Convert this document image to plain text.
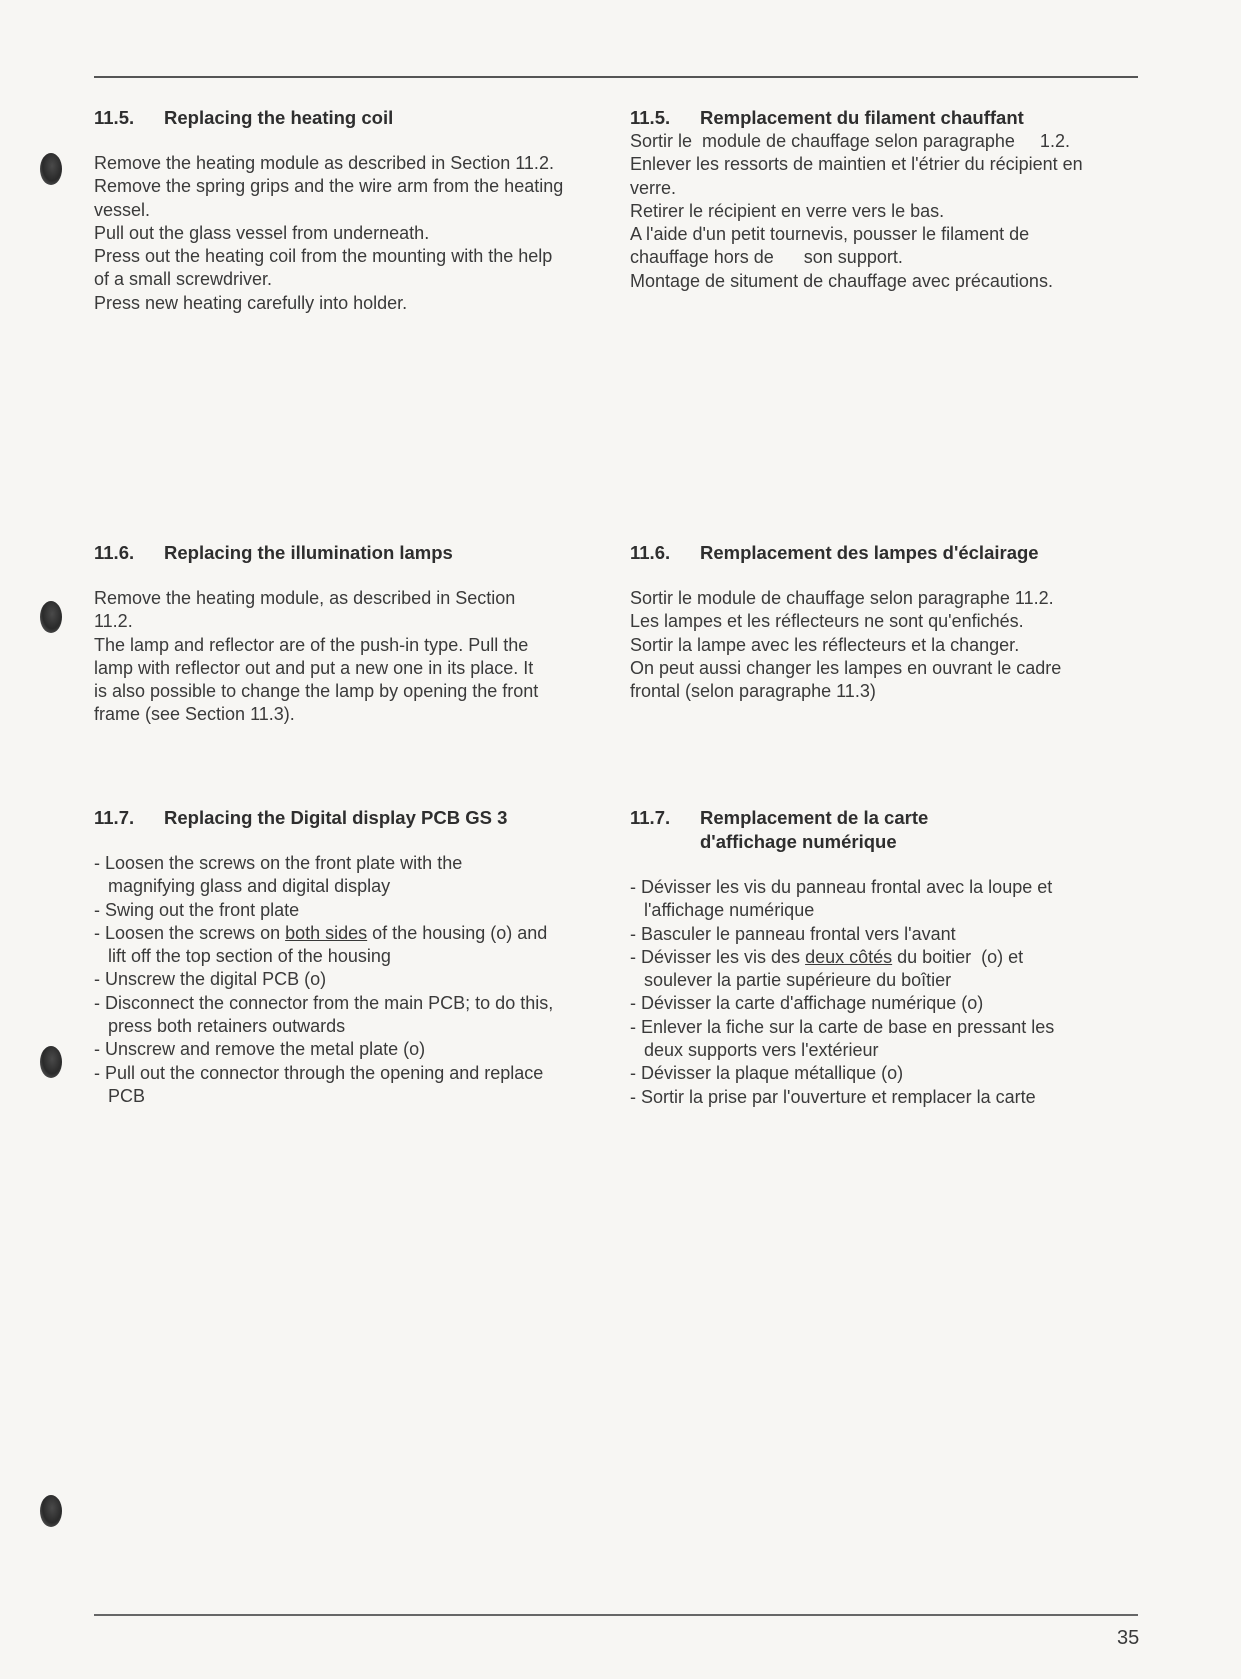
11.5.	Replacing the heating coil

Remove the heating module as described in Section 11.2.

Remove the spring grips and the wire arm from the heating vessel.

Pull out the glass vessel from underneath.

Press out the heating coil from the mounting with the help of a small screwdriver.

Press new heating carefully into holder.

11.5.	Remplacement du filament chauffant

Sortir le  module de chauffage selon paragraphe     1.2.

Enlever les ressorts de maintien et l'étrier du récipient en verre.

Retirer le récipient en verre vers le bas.

A l'aide d'un petit tournevis, pousser le filament de chauffage hors de      son support.

Montage de situment de chauffage avec précautions.

11.6.	Replacing the illumination lamps

Remove the heating module, as described in Section 11.2.

The lamp and reflector are of the push-in type. Pull the lamp with reflector out and put a new one in its place. It is also possible to change the lamp by opening the front frame (see Section 11.3).

11.6.	Remplacement des lampes d'éclairage

Sortir le module de chauffage selon paragraphe 11.2.

Les lampes et les réflecteurs ne sont qu'enfichés.

Sortir la lampe avec les réflecteurs et la changer.

On peut aussi changer les lampes en ouvrant le cadre frontal (selon paragraphe 11.3)

11.7.	Replacing the Digital display PCB GS 3
- Loosen the screws on the front plate with the magnifying glass and digital display
- Swing out the front plate
- Loosen the screws on both sides of the housing (o) and lift off the top section of the housing
- Unscrew the digital PCB (o)
- Disconnect the connector from the main PCB; to do this, press both retainers outwards
- Unscrew and remove the metal plate (o)
- Pull out the connector through the opening and replace PCB
11.7.	Remplacement de la carte d'affichage numérique
- Dévisser les vis du panneau frontal avec la loupe et l'affichage numérique
- Basculer le panneau frontal vers l'avant
- Dévisser les vis des deux côtés du boitier  (o) et soulever la partie supérieure du boîtier
- Dévisser la carte d'affichage numérique (o)
- Enlever la fiche sur la carte de base en pressant les deux supports vers l'extérieur
- Dévisser la plaque métallique (o)
- Sortir la prise par l'ouverture et remplacer la carte
35
